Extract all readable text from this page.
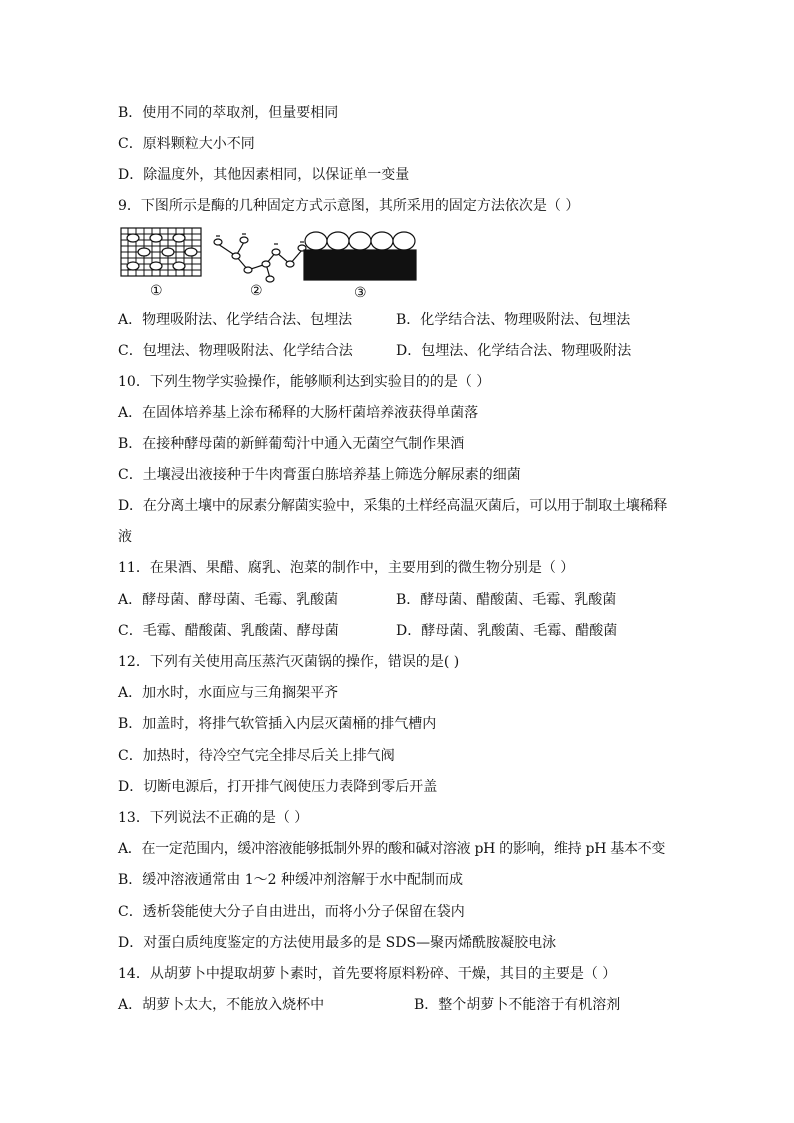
B．使用不同的萃取剂，但量要相同
C．原料颗粒大小不同
D．除温度外，其他因素相同，以保证单一变量
9．下图所示是酶的几种固定方式示意图，其所采用的固定方法依次是（ ）
①	②	③
A．物理吸附法、化学结合法、包埋法	B．化学结合法、物理吸附法、包埋法
C．包埋法、物理吸附法、化学结合法	D．包埋法、化学结合法、物理吸附法
10．下列生物学实验操作，能够顺利达到实验目的的是（ ）
A．在固体培养基上涂布稀释的大肠杆菌培养液获得单菌落
B．在接种酵母菌的新鲜葡萄汁中通入无菌空气制作果酒
C．土壤浸出液接种于牛肉膏蛋白胨培养基上筛选分解尿素的细菌
D．在分离土壤中的尿素分解菌实验中，采集的土样经高温灭菌后，可以用于制取土壤稀释
液
11．在果酒、果醋、腐乳、泡菜的制作中，主要用到的微生物分别是（ ）
A．酵母菌、酵母菌、毛霉、乳酸菌	B．酵母菌、醋酸菌、毛霉、乳酸菌
C．毛霉、醋酸菌、乳酸菌、酵母菌	D．酵母菌、乳酸菌、毛霉、醋酸菌
12．下列有关使用高压蒸汽灭菌锅的操作，错误的是( )
A．加水时，水面应与三角搁架平齐
B．加盖时，将排气软管插入内层灭菌桶的排气槽内
C．加热时，待冷空气完全排尽后关上排气阀
D．切断电源后，打开排气阀使压力表降到零后开盖
13．下列说法不正确的是（ ）
A．在一定范围内，缓冲溶液能够抵制外界的酸和碱对溶液 pH 的影响，维持 pH 基本不变
B．缓冲溶液通常由 1～2 种缓冲剂溶解于水中配制而成
C．透析袋能使大分子自由进出，而将小分子保留在袋内
D．对蛋白质纯度鉴定的方法使用最多的是 SDS—聚丙烯酰胺凝胶电泳
14．从胡萝卜中提取胡萝卜素时，首先要将原料粉碎、干燥，其目的主要是（ ）
A．胡萝卜太大，不能放入烧杯中	B．整个胡萝卜不能溶于有机溶剂
